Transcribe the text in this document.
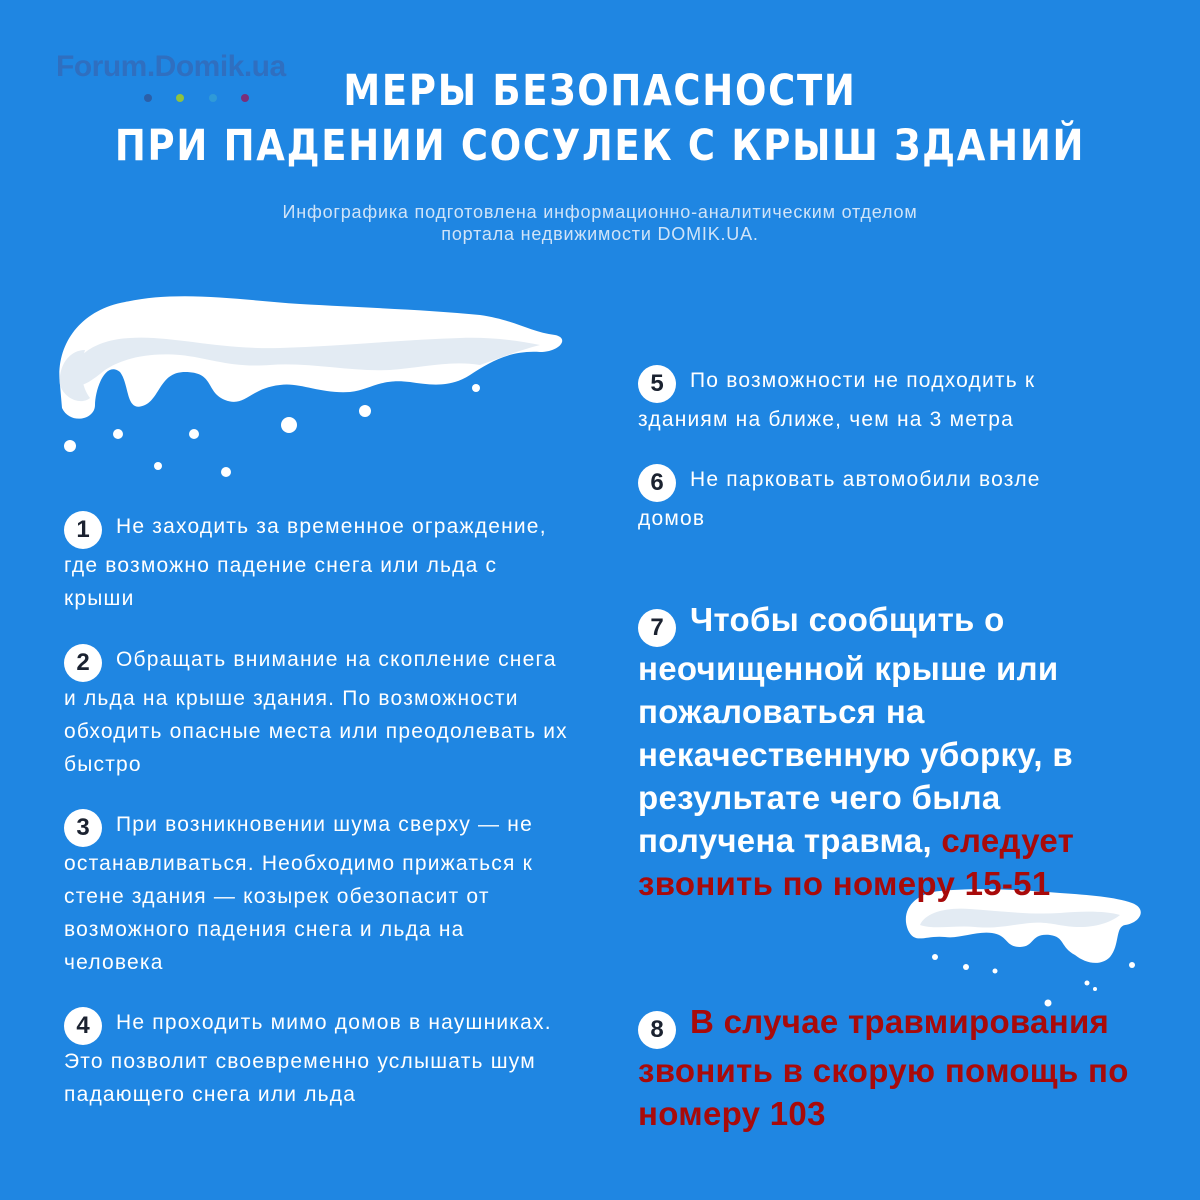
Forum.Domik.ua
	МЕРЫ БЕЗОПАСНОСТИ
ПРИ ПАДЕНИИ СОСУЛЕК С КРЫШ ЗДАНИЙ
Инфографика подготовлена информационно-аналитическим отделом
портала недвижимости DOMIK.UA.
1 Не заходить за временное ограждение, где возможно падение снега или льда с крыши
2 Обращать внимание на скопление снега и льда на крыше здания. По возможности обходить опасные места или преодолевать их быстро
3 При возникновении шума сверху — не останавливаться. Необходимо прижаться к стене здания — козырек обезопасит от возможного падения снега и льда на человека
4 Не проходить мимо домов в наушниках. Это позволит своевременно услышать шум падающего снега или льда
5 По возможности не подходить к зданиям на ближе, чем на 3 метра
6 Не парковать автомобили возле домов
7 Чтобы сообщить о неочищенной крыше или пожаловаться на некачественную уборку, в результате чего была получена травма, следует звонить по номеру 15-51
8 В случае травмирования звонить в скорую помощь по номеру 103
